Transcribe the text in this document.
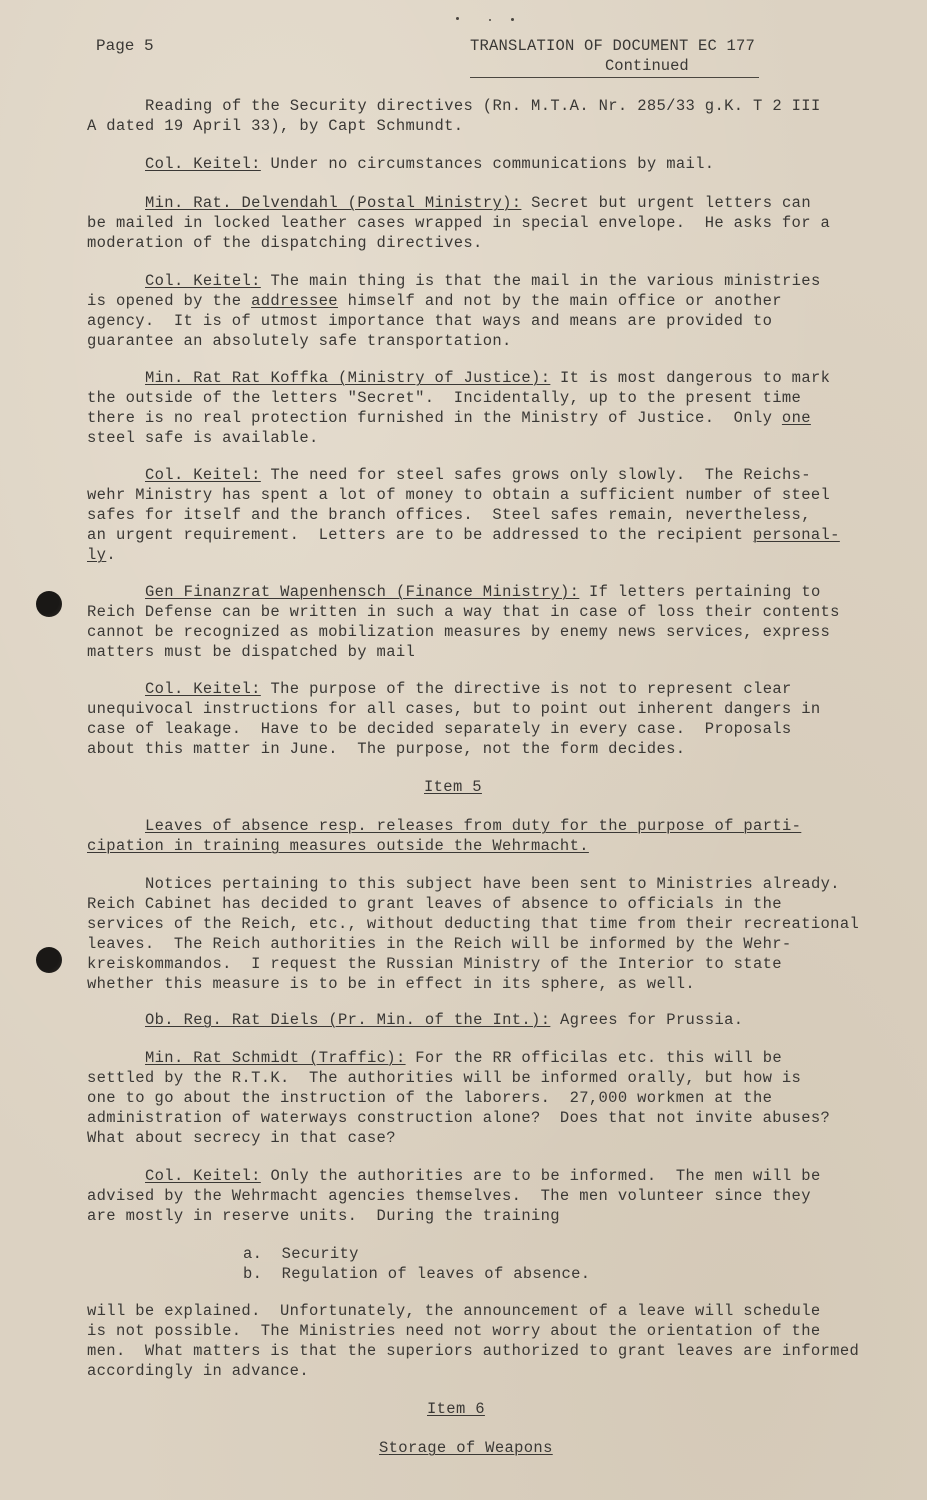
Page 5	TRANSLATION OF DOCUMENT EC 177
Continued
Reading of the Security directives (Rn. M.T.A. Nr. 285/33 g.K. T 2 III
A dated 19 April 33), by Capt Schmundt.
Col. Keitel: Under no circumstances communications by mail.
Min. Rat. Delvendahl (Postal Ministry): Secret but urgent letters can
be mailed in locked leather cases wrapped in special envelope.  He asks for a
moderation of the dispatching directives.
Col. Keitel: The main thing is that the mail in the various ministries
is opened by the addressee himself and not by the main office or another
agency.  It is of utmost importance that ways and means are provided to
guarantee an absolutely safe transportation.
Min. Rat Rat Koffka (Ministry of Justice): It is most dangerous to mark
the outside of the letters "Secret".  Incidentally, up to the present time
there is no real protection furnished in the Ministry of Justice.  Only one
steel safe is available.
Col. Keitel: The need for steel safes grows only slowly.  The Reichs-
wehr Ministry has spent a lot of money to obtain a sufficient number of steel
safes for itself and the branch offices.  Steel safes remain, nevertheless,
an urgent requirement.  Letters are to be addressed to the recipient personal-
ly.
Gen Finanzrat Wapenhensch (Finance Ministry): If letters pertaining to
Reich Defense can be written in such a way that in case of loss their contents
cannot be recognized as mobilization measures by enemy news services, express
matters must be dispatched by mail
Col. Keitel: The purpose of the directive is not to represent clear
unequivocal instructions for all cases, but to point out inherent dangers in
case of leakage.  Have to be decided separately in every case.  Proposals
about this matter in June.  The purpose, not the form decides.
Item 5
Leaves of absence resp. releases from duty for the purpose of parti-
cipation in training measures outside the Wehrmacht.
Notices pertaining to this subject have been sent to Ministries already.
Reich Cabinet has decided to grant leaves of absence to officials in the
services of the Reich, etc., without deducting that time from their recreational
leaves.  The Reich authorities in the Reich will be informed by the Wehr-
kreiskommandos.  I request the Russian Ministry of the Interior to state
whether this measure is to be in effect in its sphere, as well.
Ob. Reg. Rat Diels (Pr. Min. of the Int.): Agrees for Prussia.
Min. Rat Schmidt (Traffic): For the RR officilas etc. this will be
settled by the R.T.K.  The authorities will be informed orally, but how is
one to go about the instruction of the laborers.  27,000 workmen at the
administration of waterways construction alone?  Does that not invite abuses?
What about secrecy in that case?
Col. Keitel: Only the authorities are to be informed.  The men will be
advised by the Wehrmacht agencies themselves.  The men volunteer since they
are mostly in reserve units.  During the training
a.  Security
b.  Regulation of leaves of absence.
will be explained.  Unfortunately, the announcement of a leave will schedule
is not possible.  The Ministries need not worry about the orientation of the
men.  What matters is that the superiors authorized to grant leaves are informed
accordingly in advance.
Item 6
Storage of Weapons
